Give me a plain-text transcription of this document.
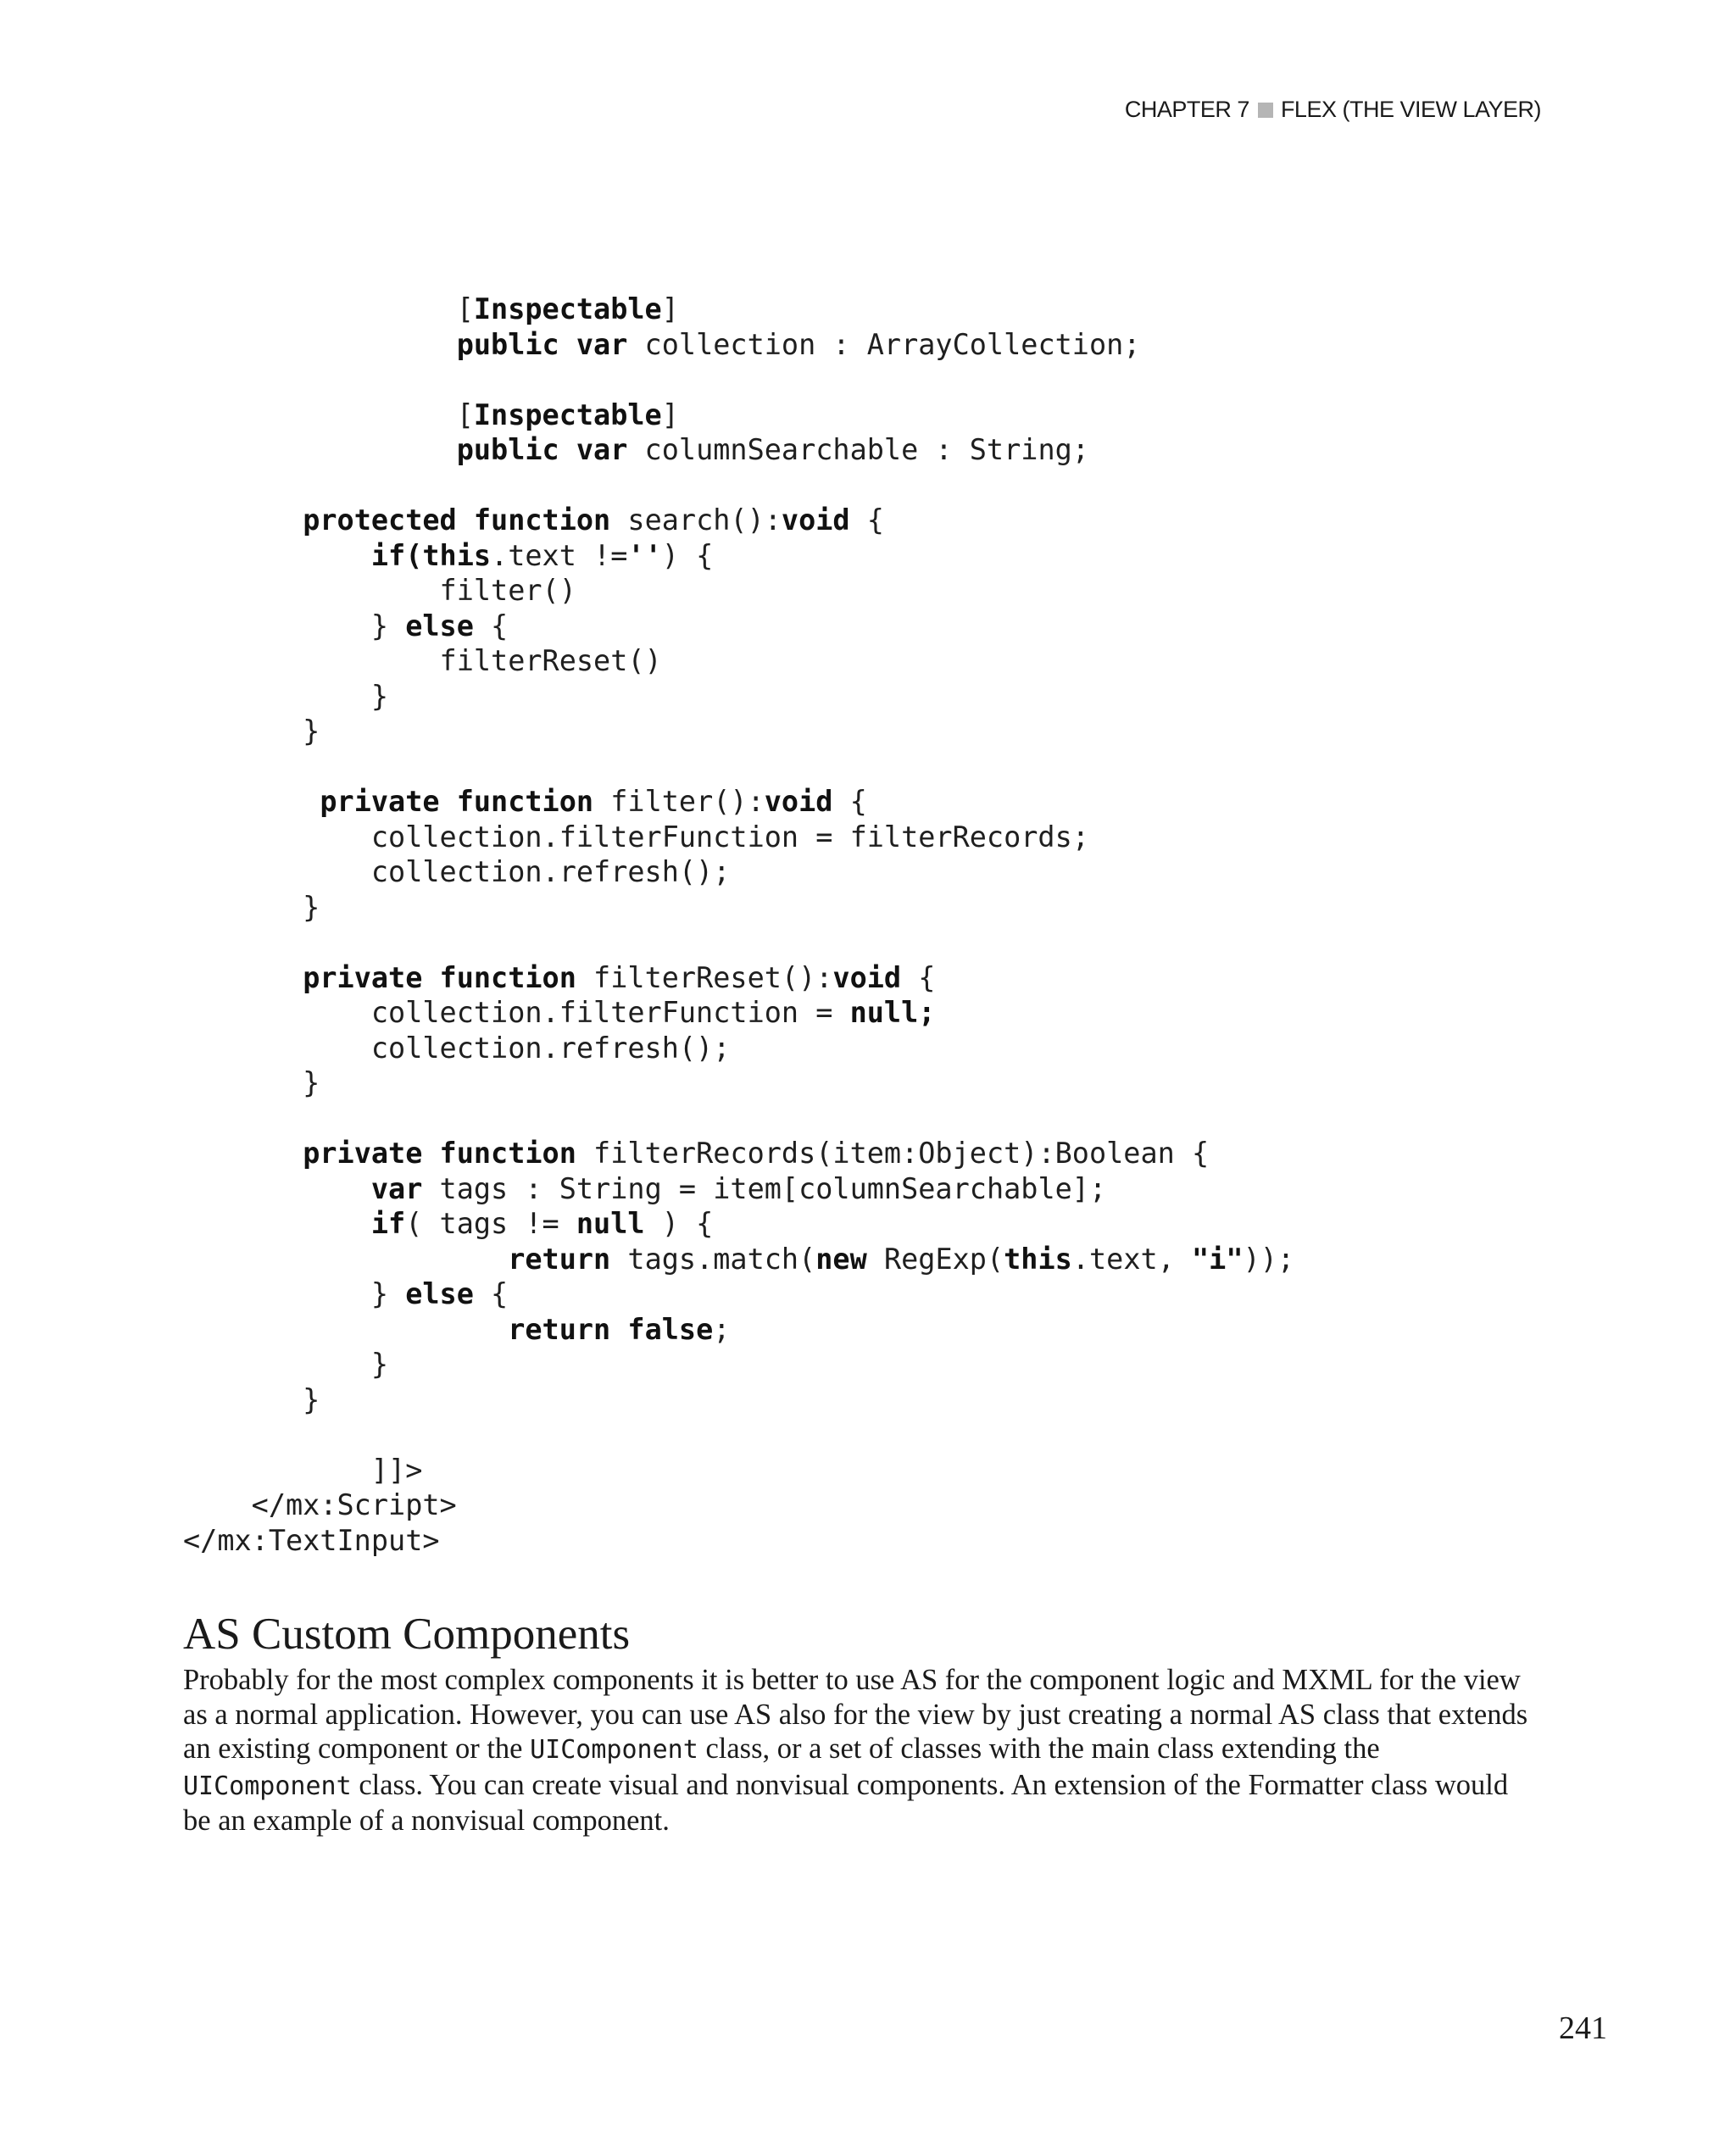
CHAPTER 7 FLEX (THE VIEW LAYER)
[Inspectable]
public var collection : ArrayCollection;

[Inspectable]
public var columnSearchable : String;

protected function search():void {
if(this.text !='') {
filter()
} else {
filterReset()
}
}

private function filter():void {
collection.filterFunction = filterRecords;
collection.refresh();
}

private function filterReset():void {
collection.filterFunction = null;
collection.refresh();
}

private function filterRecords(item:Object):Boolean {
var tags : String = item[columnSearchable];
if( tags != null ) {
return tags.match(new RegExp(this.text, "i"));
} else {
return false;
}
}

]]>
</mx:Script>
</mx:TextInput>
AS Custom Components

Probably for the most complex components it is better to use AS for the component logic and MXML for the view as a normal application. However, you can use AS also for the view by just creating a normal AS class that extends an existing component or the UIComponent class, or a set of classes with the main class extending the UIComponent class. You can create visual and nonvisual components. An extension of the Formatter class would be an example of a nonvisual component.

241
